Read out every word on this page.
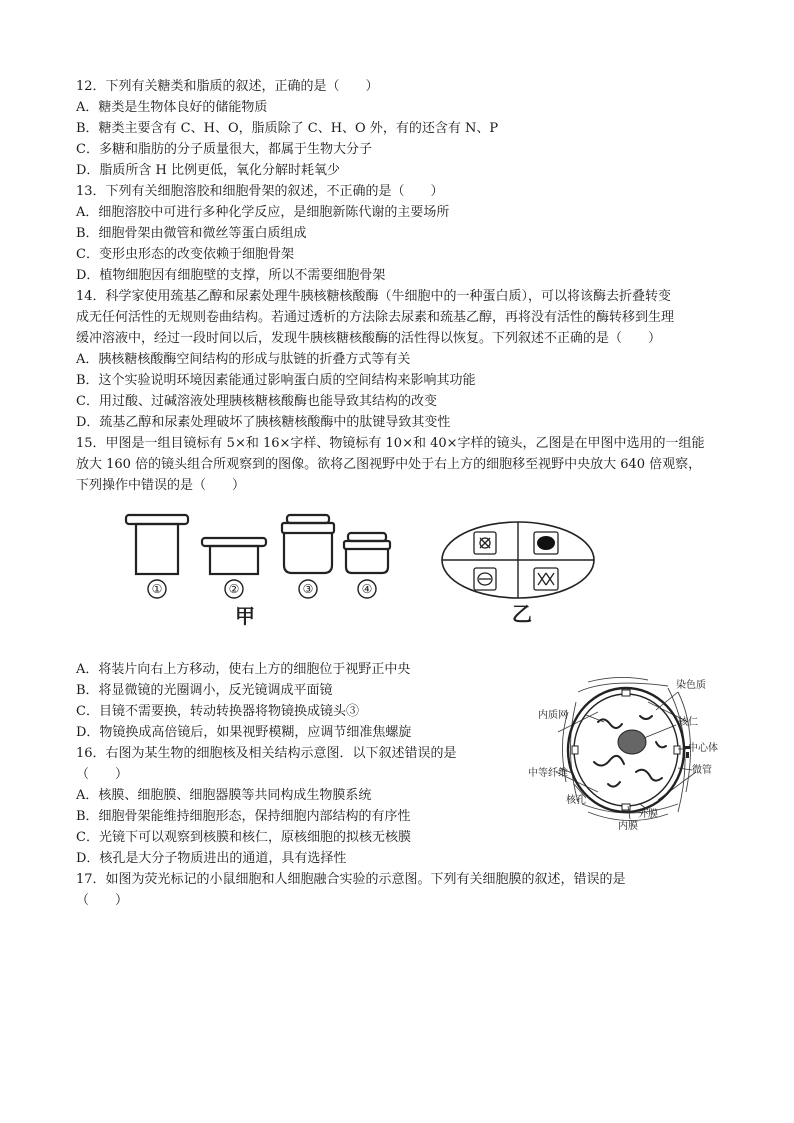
12．下列有关糖类和脂质的叙述，正确的是（　　）
A．糖类是生物体良好的储能物质
B．糖类主要含有 C、H、O，脂质除了 C、H、O 外，有的还含有 N、P
C．多糖和脂肪的分子质量很大，都属于生物大分子
D．脂质所含 H 比例更低，氧化分解时耗氧少
13．下列有关细胞溶胶和细胞骨架的叙述，不正确的是（　　）
A．细胞溶胶中可进行多种化学反应，是细胞新陈代谢的主要场所
B．细胞骨架由微管和微丝等蛋白质组成
C．变形虫形态的改变依赖于细胞骨架
D．植物细胞因有细胞壁的支撑，所以不需要细胞骨架
14．科学家使用巯基乙醇和尿素处理牛胰核糖核酸酶（牛细胞中的一种蛋白质），可以将该酶去折叠转变
成无任何活性的无规则卷曲结构。若通过透析的方法除去尿素和巯基乙醇，再将没有活性的酶转移到生理
缓冲溶液中，经过一段时间以后，发现牛胰核糖核酸酶的活性得以恢复。下列叙述不正确的是（　　）
A．胰核糖核酸酶空间结构的形成与肽链的折叠方式等有关
B．这个实验说明环境因素能通过影响蛋白质的空间结构来影响其功能
C．用过酸、过碱溶液处理胰核糖核酸酶也能导致其结构的改变
D．巯基乙醇和尿素处理破坏了胰核糖核酸酶中的肽键导致其变性
15．甲图是一组目镜标有 5×和 16×字样、物镜标有 10×和 40×字样的镜头，乙图是在甲图中选用的一组能
放大 160 倍的镜头组合所观察到的图像。欲将乙图视野中处于右上方的细胞移至视野中央放大 640 倍观察，
下列操作中错误的是（　　）
①	②	③	④
甲	乙
A．将装片向右上方移动，使右上方的细胞位于视野正中央
B．将显微镜的光圈调小，反光镜调成平面镜
C．目镜不需要换，转动转换器将物镜换成镜头③
D．物镜换成高倍镜后，如果视野模糊，应调节细准焦螺旋
16．右图为某生物的细胞核及相关结构示意图．以下叙述错误的是
（　　）
A．核膜、细胞膜、细胞器膜等共同构成生物膜系统
B．细胞骨架能维持细胞形态，保持细胞内部结构的有序性
C．光镜下可以观察到核膜和核仁，原核细胞的拟核无核膜
D．核孔是大分子物质进出的通道，具有选择性
17．如图为荧光标记的小鼠细胞和人细胞融合实验的示意图。下列有关细胞膜的叙述，错误的是
（　　）
染色质
内质网
核仁
中心体
微管
中等纤维
核孔
外膜
内膜
